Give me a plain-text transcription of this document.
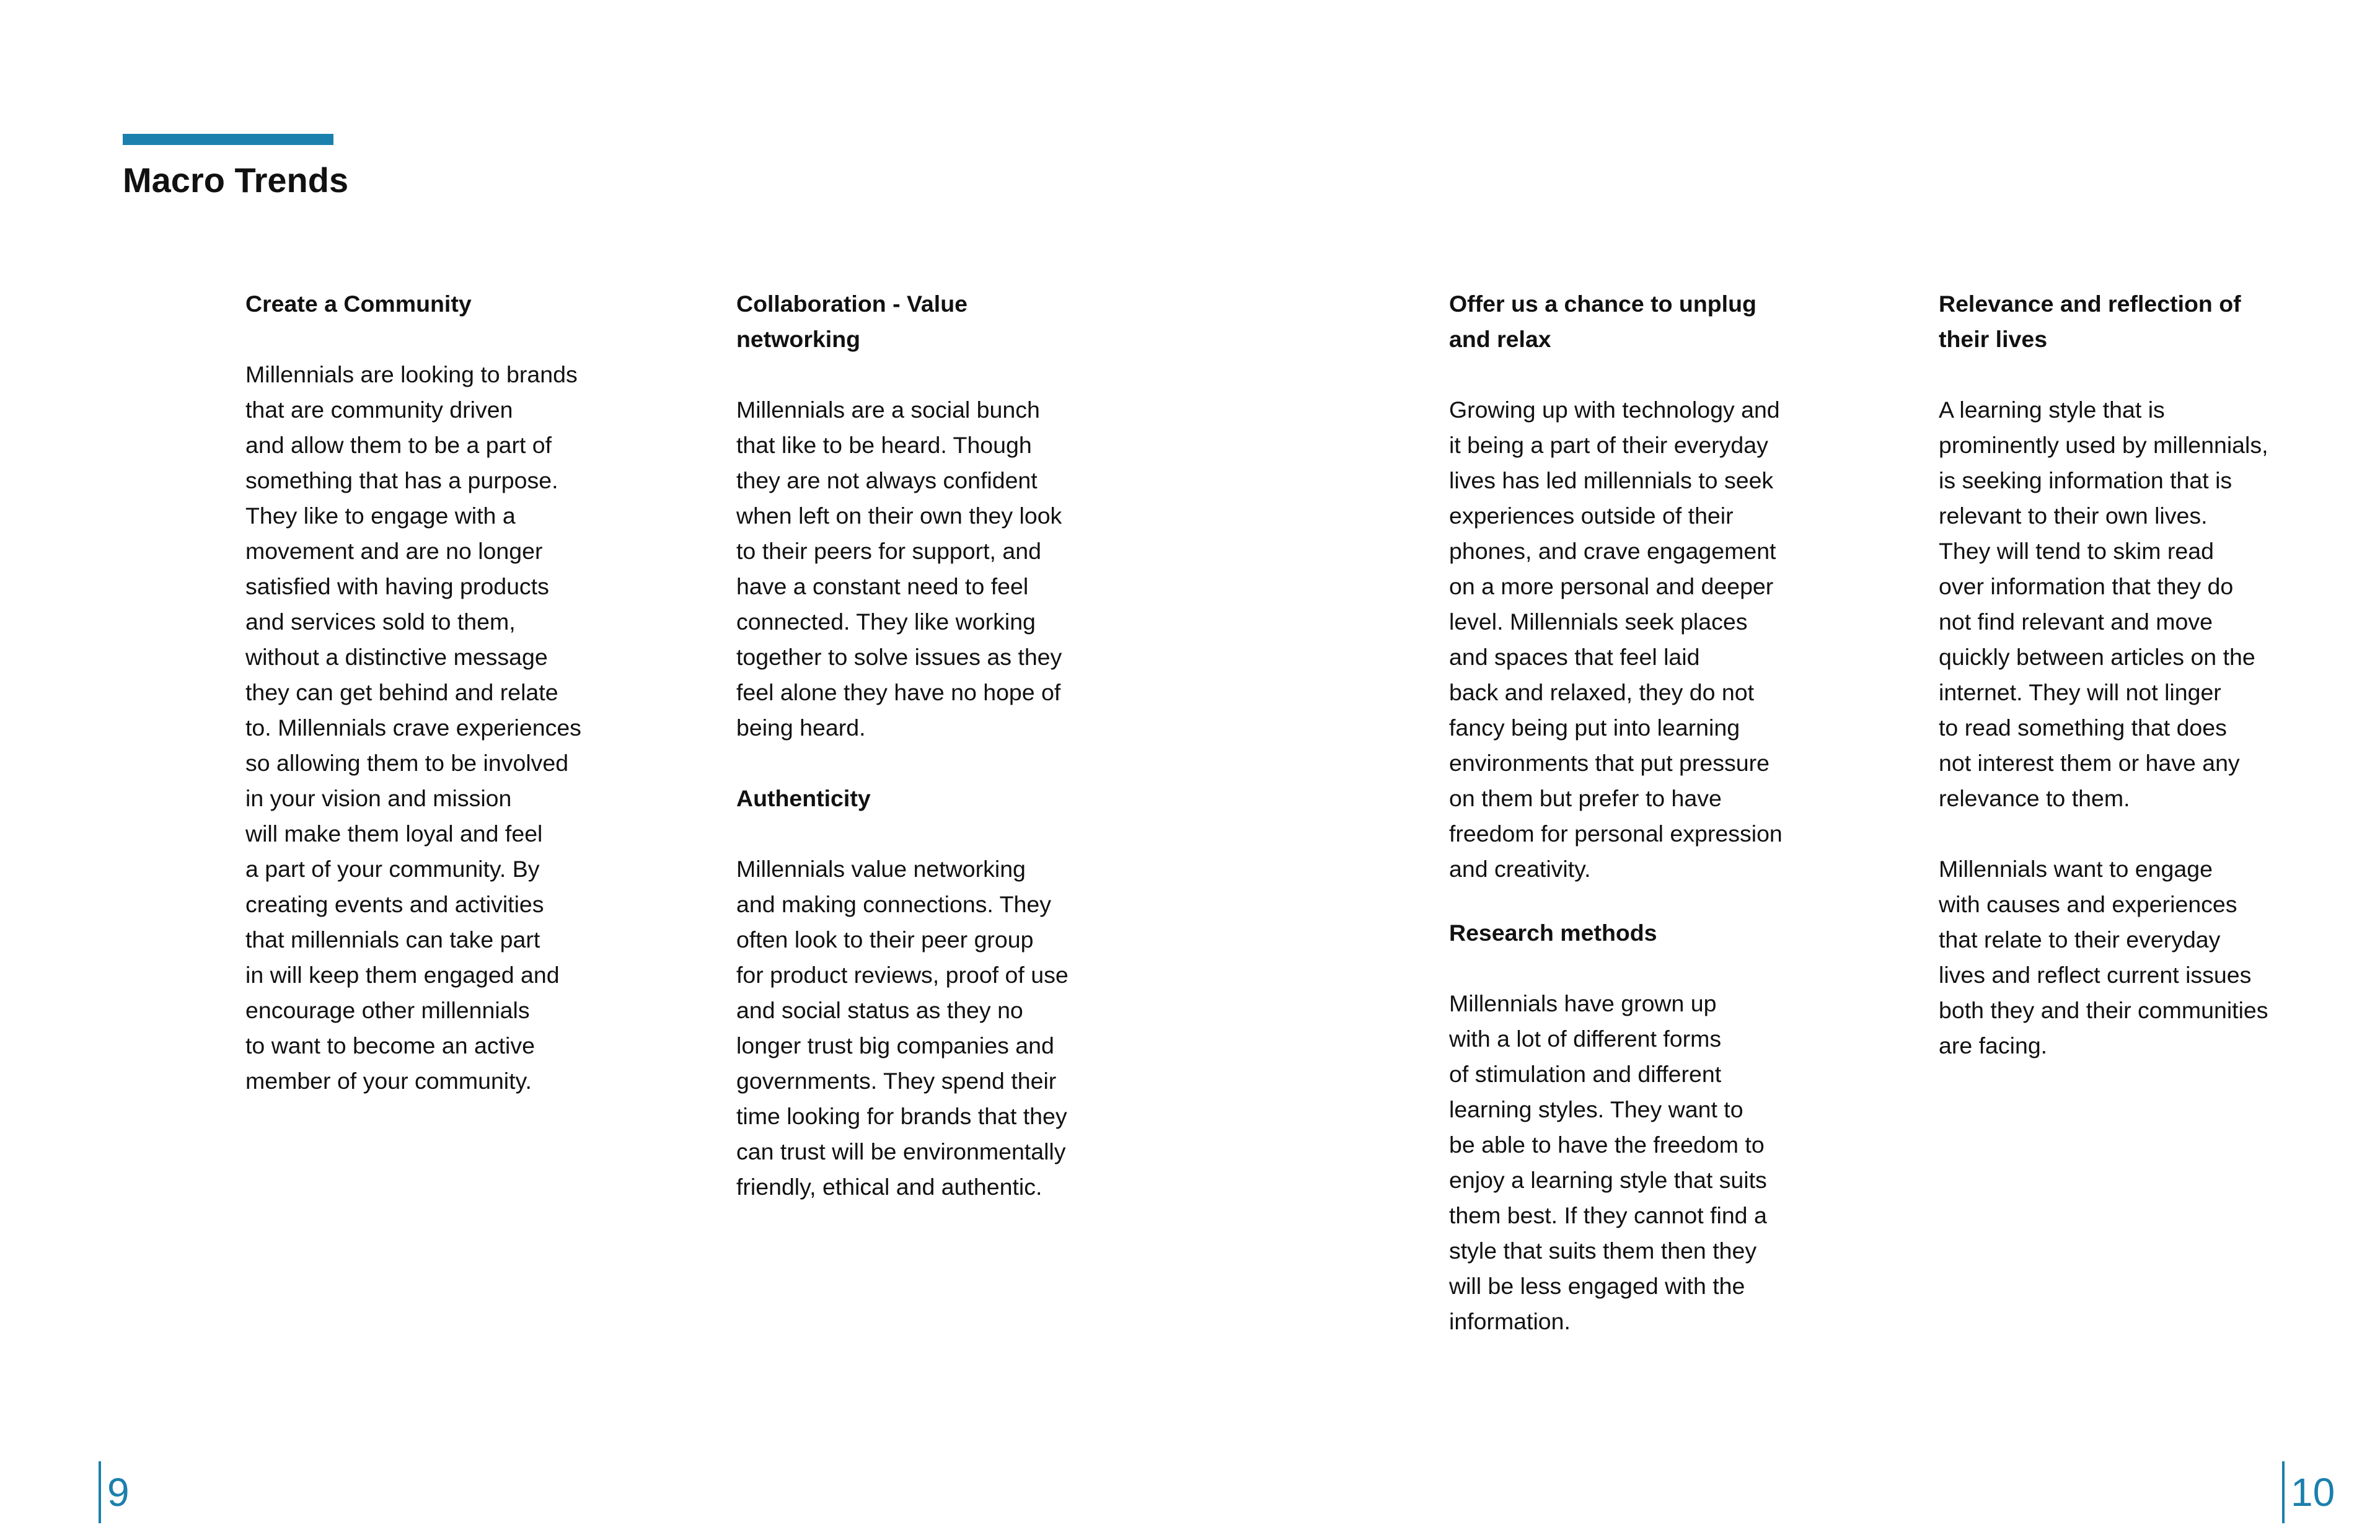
Macro Trends
Create a Community
Millennials are looking to brands
that are community driven
and allow them to be a part of
something that has a purpose.
They like to engage with a
movement and are no longer
satisfied with having products
and services sold to them,
without a distinctive message
they can get behind and relate
to. Millennials crave experiences
so allowing them to be involved
in your vision and mission
will make them loyal and feel
a part of your community. By
creating events and activities
that millennials can take part
in will keep them engaged and
encourage other millennials
to want to become an active
member of your community.
Collaboration - Value
networking
Millennials are a social bunch
that like to be heard. Though
they are not always confident
when left on their own they look
to their peers for support, and
have a constant need to feel
connected. They like working
together to solve issues as they
feel alone they have no hope of
being heard.
Authenticity
Millennials value networking
and making connections. They
often look to their peer group
for product reviews, proof of use
and social status as they no
longer trust big companies and
governments. They spend their
time looking for brands that they
can trust will be environmentally
friendly, ethical and authentic.
Offer us a chance to unplug
and relax
Growing up with technology and
it being a part of their everyday
lives has led millennials to seek
experiences outside of their
phones, and crave engagement
on a more personal and deeper
level. Millennials seek places
and spaces that feel laid
back and relaxed, they do not
fancy being put into learning
environments that put pressure
on them but prefer to have
freedom for personal expression
and creativity.
Research methods
Millennials have grown up
with a lot of different forms
of stimulation and different
learning styles. They want to
be able to have the freedom to
enjoy a learning style that suits
them best. If they cannot find a
style that suits them then they
will be less engaged with the
information.
Relevance and reflection of
their lives
A learning style that is
prominently used by millennials,
is seeking information that is
relevant to their own lives.
They will tend to skim read
over information that they do
not find relevant and move
quickly between articles on the
internet. They will not linger
to read something that does
not interest them or have any
relevance to them.
Millennials want to engage
with causes and experiences
that relate to their everyday
lives and reflect current issues
both they and their communities
are facing.
9	10
